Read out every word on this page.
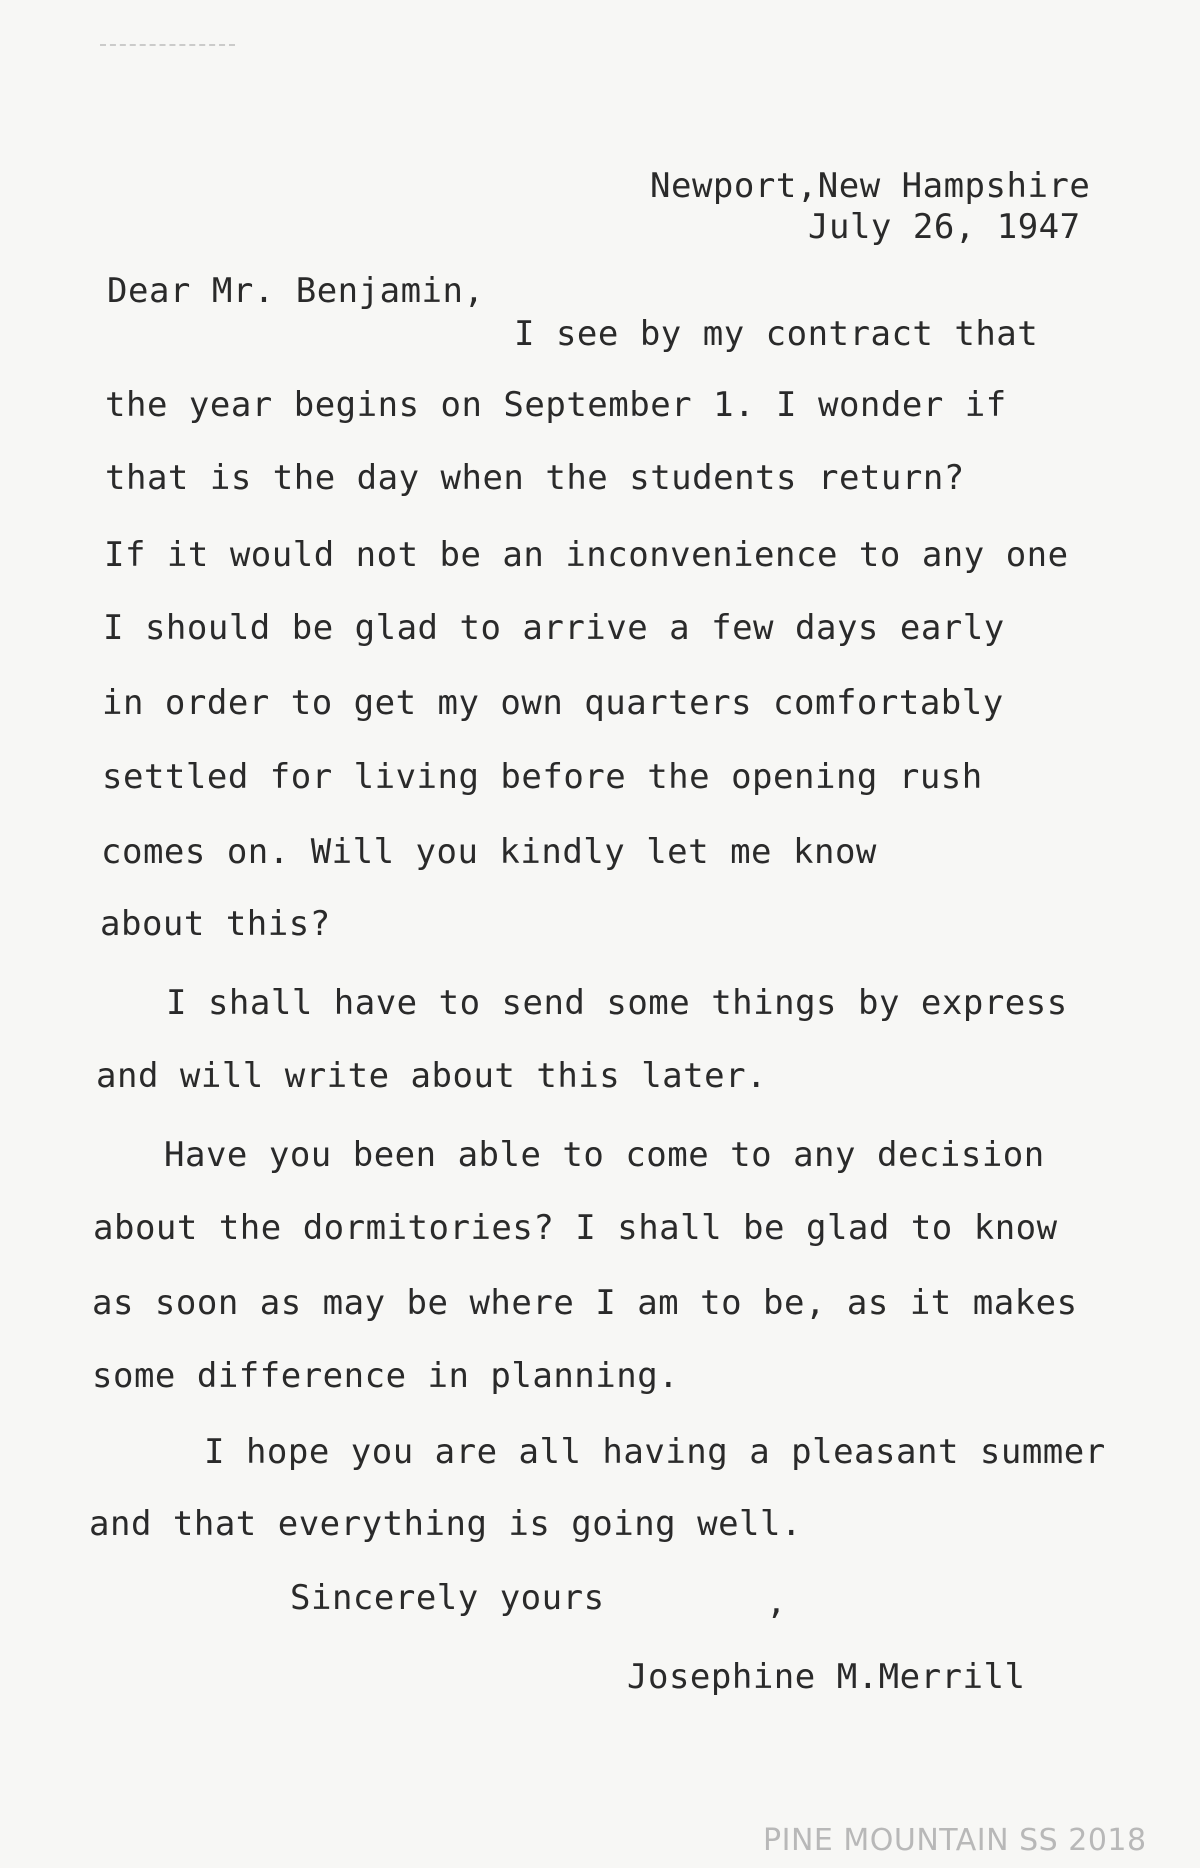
Newport,New Hampshire
July 26, 1947
Dear Mr. Benjamin,
I see by my contract that
the year begins on September 1. I wonder if
that is the day when the students return?
If it would not be an inconvenience to any one
I should be glad to arrive a few days early
in order to get my own quarters comfortably
settled for living before the opening rush
comes on. Will you kindly let me know
about this?
I shall have to send some things by express
and will write about this later.
Have you been able to come to any decision
about the dormitories? I shall be glad to know
as soon as may be where I am to be, as it makes
some difference in planning.
I hope you are all having a pleasant summer
and that everything is going well.
Sincerely yours	,
Josephine M.Merrill
PINE MOUNTAIN SS 2018
